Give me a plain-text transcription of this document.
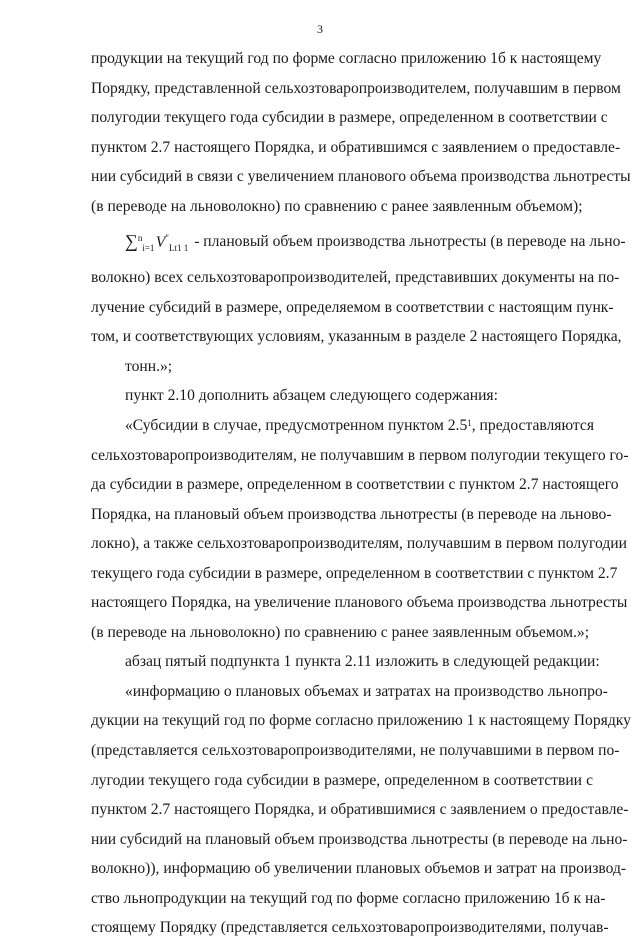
3
продукции на текущий год по форме согласно приложению 1б к настоящему
Порядку, представленной сельхозтоваропроизводителем, получавшим в первом
полугодии текущего года субсидии в размере, определенном в соответствии с
пунктом 2.7 настоящего Порядка, и обратившимся с заявлением о предоставле-
нии субсидий в связи с увеличением планового объема производства льнотресты
(в переводе на льноволокно) по сравнению с ранее заявленным объемом);
∑$^n_{i=1}$ $V^"_{Lt1 1}$ - плановый объем производства льнотресты (в переводе на льно-
волокно) всех сельхозтоваропроизводителей, представивших документы на по-
лучение субсидий в размере, определяемом в соответствии с настоящим пунк-
том, и соответствующих условиям, указанным в разделе 2 настоящего Порядка,
тонн.»;
пункт 2.10 дополнить абзацем следующего содержания:
«Субсидии в случае, предусмотренном пунктом $2.5^1$, предоставляются
сельхозтоваропроизводителям, не получавшим в первом полугодии текущего го-
да субсидии в размере, определенном в соответствии с пунктом 2.7 настоящего
Порядка, на плановый объем производства льнотресты (в переводе на льново-
локно), а также сельхозтоваропроизводителям, получавшим в первом полугодии
текущего года субсидии в размере, определенном в соответствии с пунктом 2.7
настоящего Порядка, на увеличение планового объема производства льнотресты
(в переводе на льноволокно) по сравнению с ранее заявленным объемом.»;
абзац пятый подпункта 1 пункта 2.11 изложить в следующей редакции:
«информацию о плановых объемах и затратах на производство льнопро-
дукции на текущий год по форме согласно приложению 1 к настоящему Порядку
(представляется сельхозтоваропроизводителями, не получавшими в первом по-
лугодии текущего года субсидии в размере, определенном в соответствии с
пунктом 2.7 настоящего Порядка, и обратившимися с заявлением о предоставле-
нии субсидий на плановый объем производства льнотресты (в переводе на льно-
волокно)), информацию об увеличении плановых объемов и затрат на производ-
ство льнопродукции на текущий год по форме согласно приложению 1б к на-
стоящему Порядку (представляется сельхозтоваропроизводителями, получав-
